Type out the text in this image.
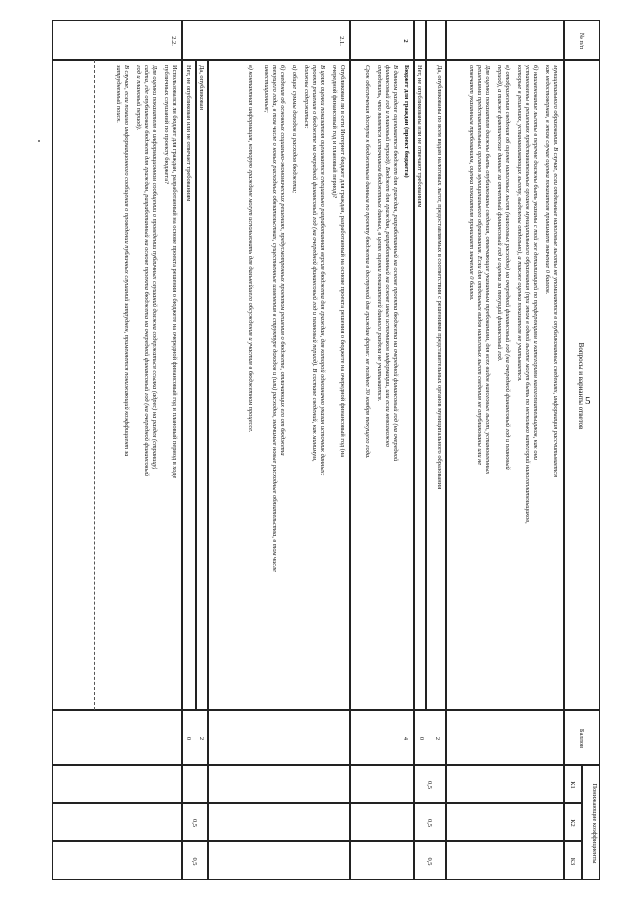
5
№ п/п
Вопросы и варианты ответов
Баллов
Понижающие коэффициенты
К1
К2
К3
муниципального образования. В случае, если отдельные налоговые льготы не упоминаются в опубликованных сведениях, информация рассчитывается
как недостоверная, в этом случае оценка показателя принимает значение 0 баллов.
б) наименование льготы в перечне должны быть указаны с той же детализацией по преференциям и категориям налогоплательщиков, как они
установлены в решениях представительных органов муниципального образования (при этом в одной льготе могут быть по несколько категорий налогоплательщиков,
которые в решениях, устанавливающих льготу, выделены отдельно), а также оценка показателя не учитывается.
в) отображения сведения об оценке налоговых льгот (налоговых расходов) на очередной финансовый год (на очередной финансовый год и плановый
период), а также фактические данные за отчетный финансовый год и оценка за текущий финансовый год.
Для оценки показателя должны быть опубликованы сведения, отвечающие указанным требованиям, для всех видов налоговых льгот, установленных
решениями представительных органов муниципального образования. Если для отдельных видов налоговых льгот сведения не опубликованы или не
отвечают указанным требованиям, оценка показателя принимает значение 0 баллов.
Да, опубликованы по всем видам налоговых льгот, предоставляемых в соответствии с решениями представительных органов муниципального образования
2
0
0,5
0,5
0,5
Нет, не опубликованы или не отвечают требованиям
2
Бюджет для граждан (проект бюджета)
В данном разделе оценивается бюджет для граждан, разработанный на основе проекта бюджета на очередной финансовый год (на очередной
финансовый год и плановый период). Бюджет для граждан, разработанный на основе иных источников информации, или если невозможно
определить, что является источником бюджетных данных, в целях оценки показателей данного раздела не учитывается.
Срок обеспечения доступа к бюджетным данным по проекту бюджета в доступной для граждан форме: не позднее 30 ноября текущего года.
4
2.1.
Опубликован ли в сети Интернет бюджет для граждан, разработанный на основе проекта решения о бюджете на очередной финансовый год (на
очередной финансовый год и плановый период)?
В целях оценки показателя оценивается специально разработанная версия бюджета для граждан, для которой однозначно указан источник данных:
проект решения о бюджете на очередной финансовый год (на очередной финансовый год и плановый период). В составе сведений, как минимум,
должны содержаться:
а) общие суммы доходов и расходов бюджета;
б) сведения об основных социально-экономических решениях, предусмотренных проектом решения о бюджете, отличающих его от бюджета
текущего года, в том числе о новых расходных обязательствах, существенные изменения в структуре доходов и (или) расходов, значимые новые расходные обязательства, в том числе
инвестиционные;
в) контактная информация, которую граждане могут использовать для дальнейшего обсуждения и участия в бюджетном процессе.
Да, опубликован
2
0
0,5
0,5
Нет, не опубликован или не отвечает требованиям
2.2.
Использовался ли бюджет для граждан, разработанный на основе проекта решения о бюджете на очередной финансовый год и плановый период в ходе
публичных слушаний по проекту бюджета?
Для оценки показателя в информационном сообщении о проведении публичных слушаний должна содержаться ссылка (адрес) на раздел (страницу)
сайта, где опубликован бюджет для граждан, разработанный на основе проекта бюджета на очередной финансовый год (на очередной финансовый
год и плановый период).
В случае, если помимо информационного сообщения о проведении публичных слушаний затруднен, применяется понижающий коэффициент за
затрудненный поиск.
